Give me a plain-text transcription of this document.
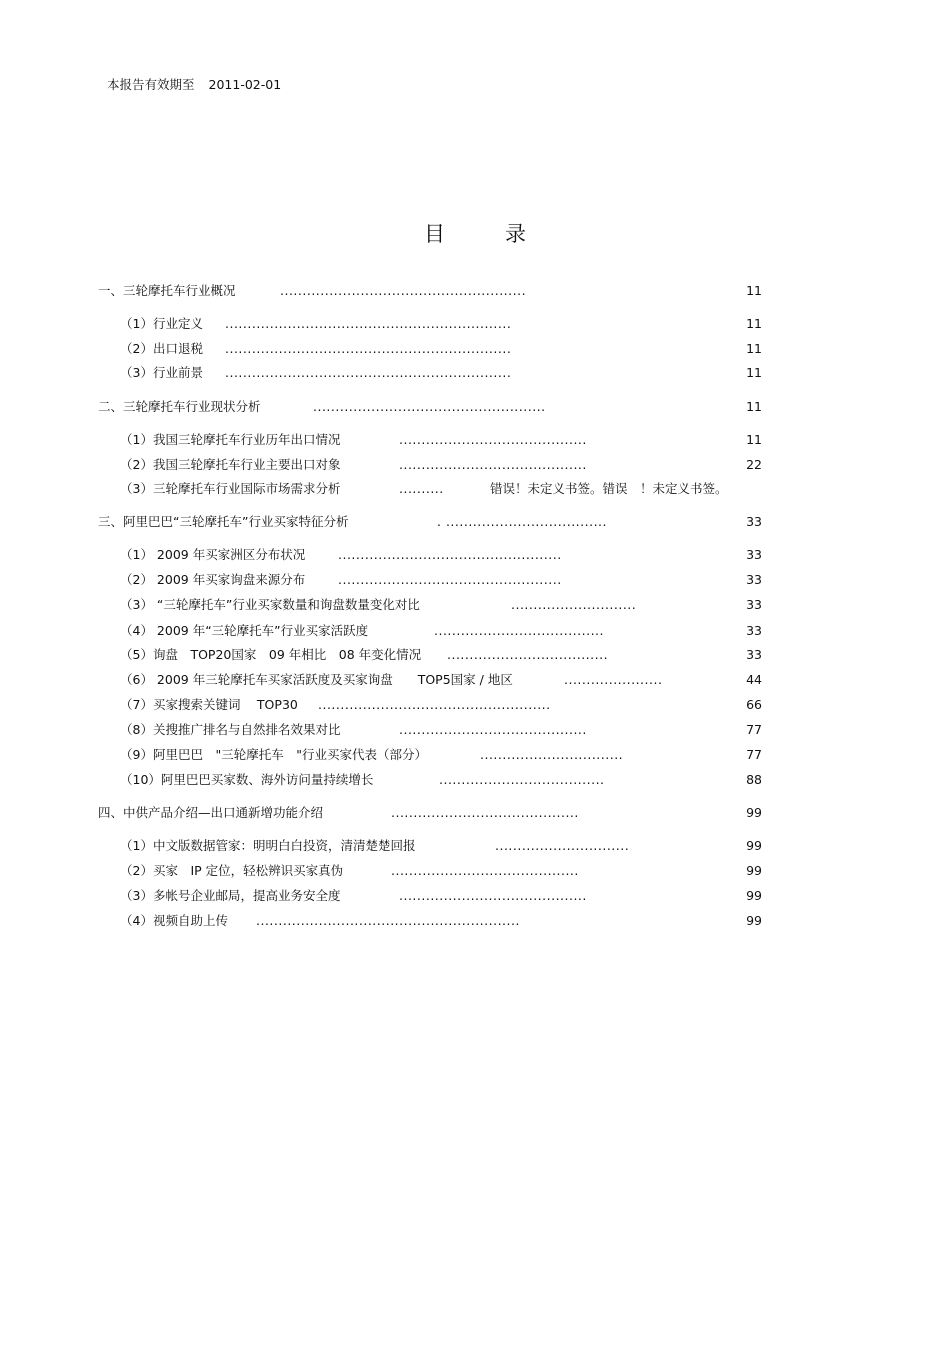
本报告有效期至 2011-02-01
目录
一、三轮摩托车行业概况	.......................................................	11
（1）行业定义 ................................................................	11
（2）出口退税 ................................................................	11
（3）行业前景 ................................................................	11
二、三轮摩托车行业现状分析	....................................................	11
（1）我国三轮摩托车行业历年出口情况	..........................................	11
（2）我国三轮摩托车行业主要出口对象	..........................................	22
（3）三轮摩托车行业国际市场需求分析	..........	错误！未定义书签。错误　！未定义书签。
三、阿里巴巴“三轮摩托车”行业买家特征分析	. ....................................	33
（1） 2009 年买家洲区分布状况	..................................................	33
（2） 2009 年买家询盘来源分布	..................................................	33
（3） “三轮摩托车”行业买家数量和询盘数量变化对比	............................	33
（4） 2009 年“三轮摩托车”行业买家活跃度	......................................	33
（5）询盘　TOP20国家　09 年相比　08 年变化情况 ....................................	33
（6） 2009 年三轮摩托车买家活跃度及买家询盘　　TOP5国家 / 地区	......................	44
（7）买家搜索关键词　 TOP30 ....................................................	66
（8）关搜推广排名与自然排名效果对比	..........................................	77
（9）阿里巴巴　"三轮摩托车　"行业买家代表（部分）	................................	77
（10）阿里巴巴买家数、海外访问量持续增长	.....................................	88
四、中供产品介绍—出口通新增功能介绍	..........................................	99
（1）中文版数据管家：明明白白投资，清清楚楚回报	..............................	99
（2）买家　IP 定位，轻松辨识买家真伪	..........................................	99
（3）多帐号企业邮局，提高业务安全度	..........................................	99
（4）视频自助上传 ...........................................................	99
